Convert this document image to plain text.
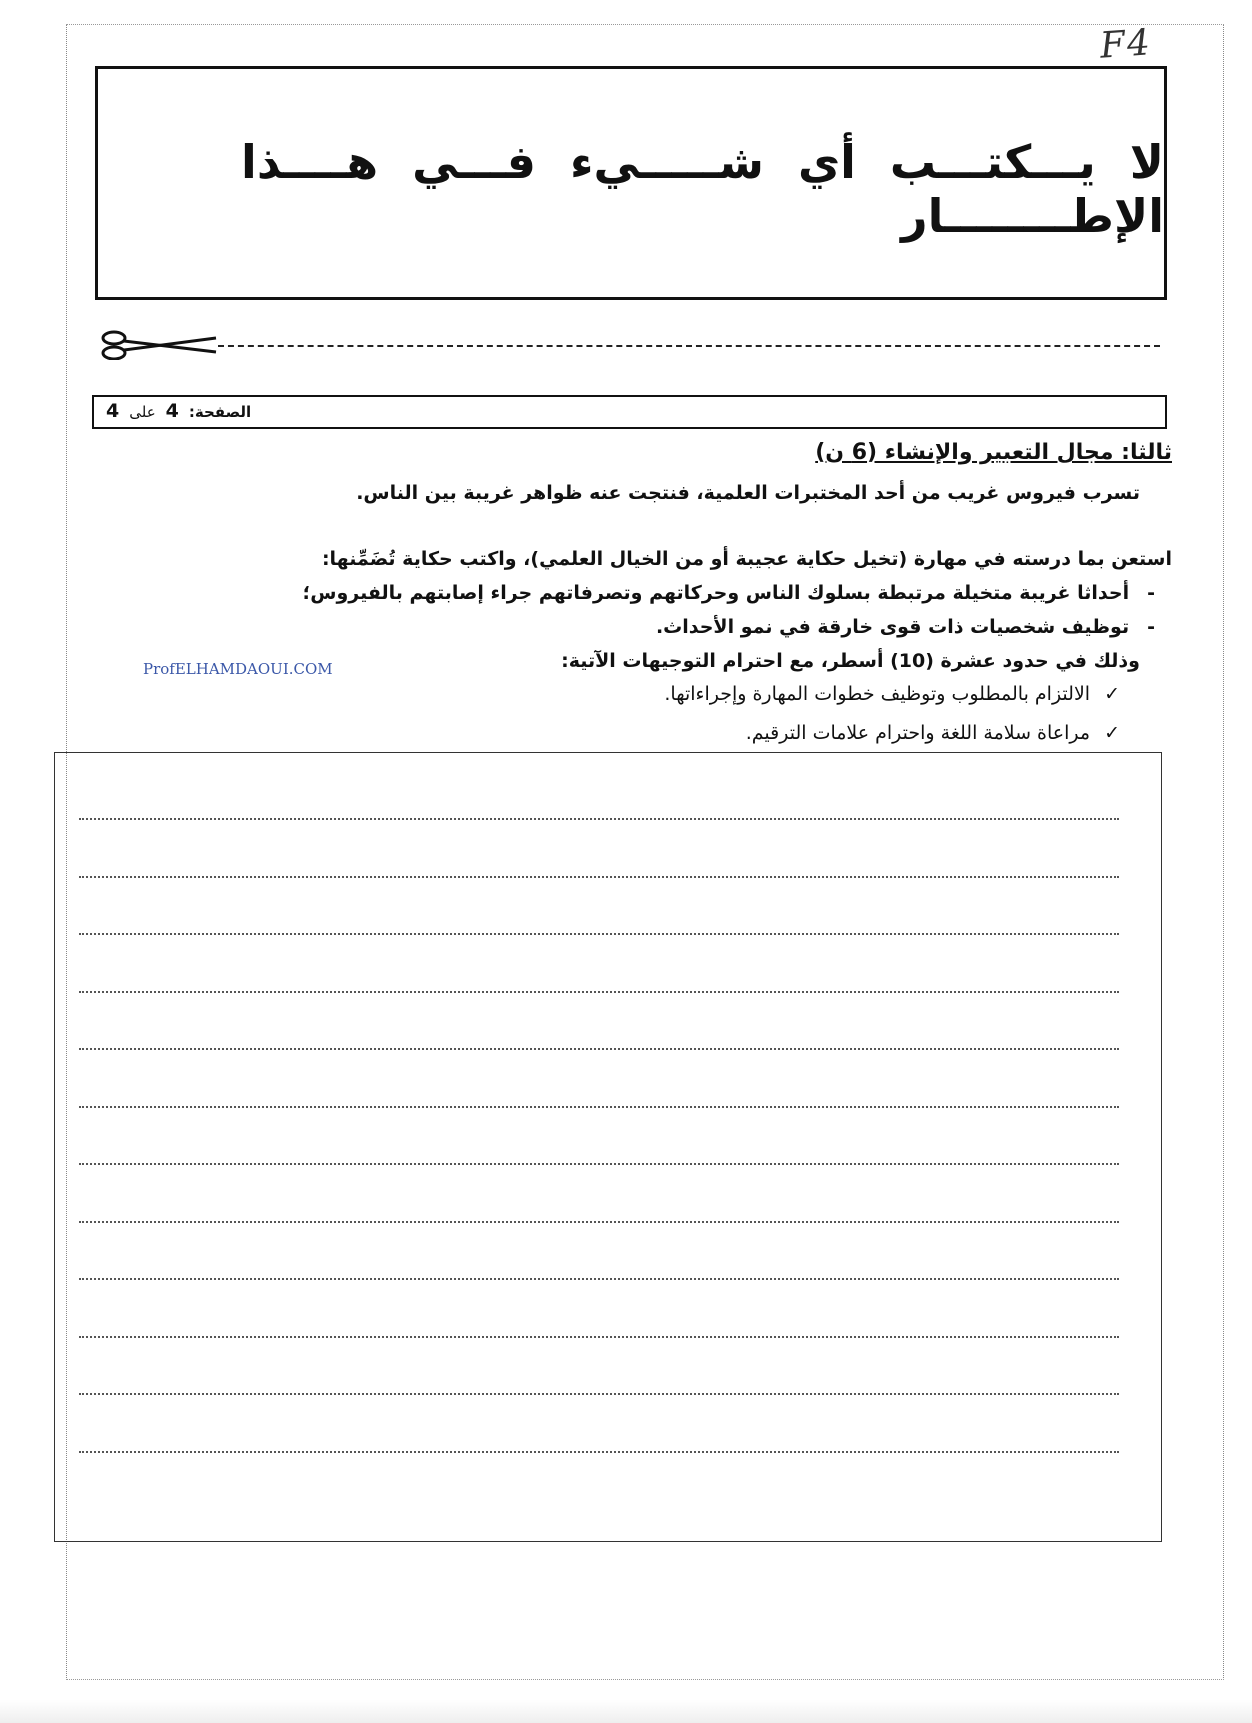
F4
لا يـــكتـــب أي شـــــيء فـــي هــــذا الإطــــــــار
الصفحة:
4
على
4
ثالثا: مجال التعبير والإنشاء (6 ن)
تسرب فيروس غريب من أحد المختبرات العلمية، فنتجت عنه ظواهر غريبة بين الناس.
استعن بما درسته في مهارة (تخيل حكاية عجيبة أو من الخيال العلمي)، واكتب حكاية تُضَمِّنها:
-أحداثا غريبة متخيلة مرتبطة بسلوك الناس وحركاتهم وتصرفاتهم جراء إصابتهم بالفيروس؛
-توظيف شخصيات ذات قوى خارقة في نمو الأحداث.
وذلك في حدود عشرة (10) أسطر، مع احترام التوجيهات الآتية:
ProfELHAMDAOUI.COM
✓الالتزام بالمطلوب وتوظيف خطوات المهارة وإجراءاتها.
✓مراعاة سلامة اللغة واحترام علامات الترقيم.
